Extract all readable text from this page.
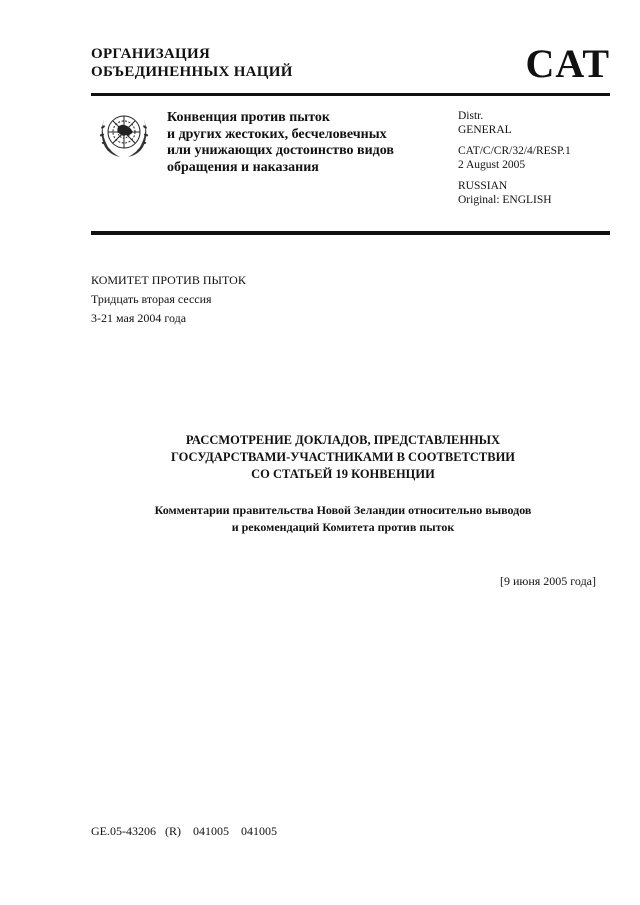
ОРГАНИЗАЦИЯ
ОБЪЕДИНЕННЫХ НАЦИЙ	CAT
Конвенция против пыток
и других жестоких, бесчеловечных
или унижающих достоинство видов
обращения и наказания
Distr.
GENERAL
CAT/C/CR/32/4/RESP.1
2 August 2005
RUSSIAN
Original: ENGLISH
КОМИТЕТ ПРОТИВ ПЫТОК
Тридцать вторая сессия
3-21 мая 2004 года
РАССМОТРЕНИЕ ДОКЛАДОВ, ПРЕДСТАВЛЕННЫХ
ГОСУДАРСТВАМИ-УЧАСТНИКАМИ В СООТВЕТСТВИИ
СО СТАТЬЕЙ 19 КОНВЕНЦИИ
Комментарии правительства Новой Зеландии относительно выводов
и рекомендаций Комитета против пыток
[9 июня 2005 года]
GE.05-43206   (R)    041005    041005
